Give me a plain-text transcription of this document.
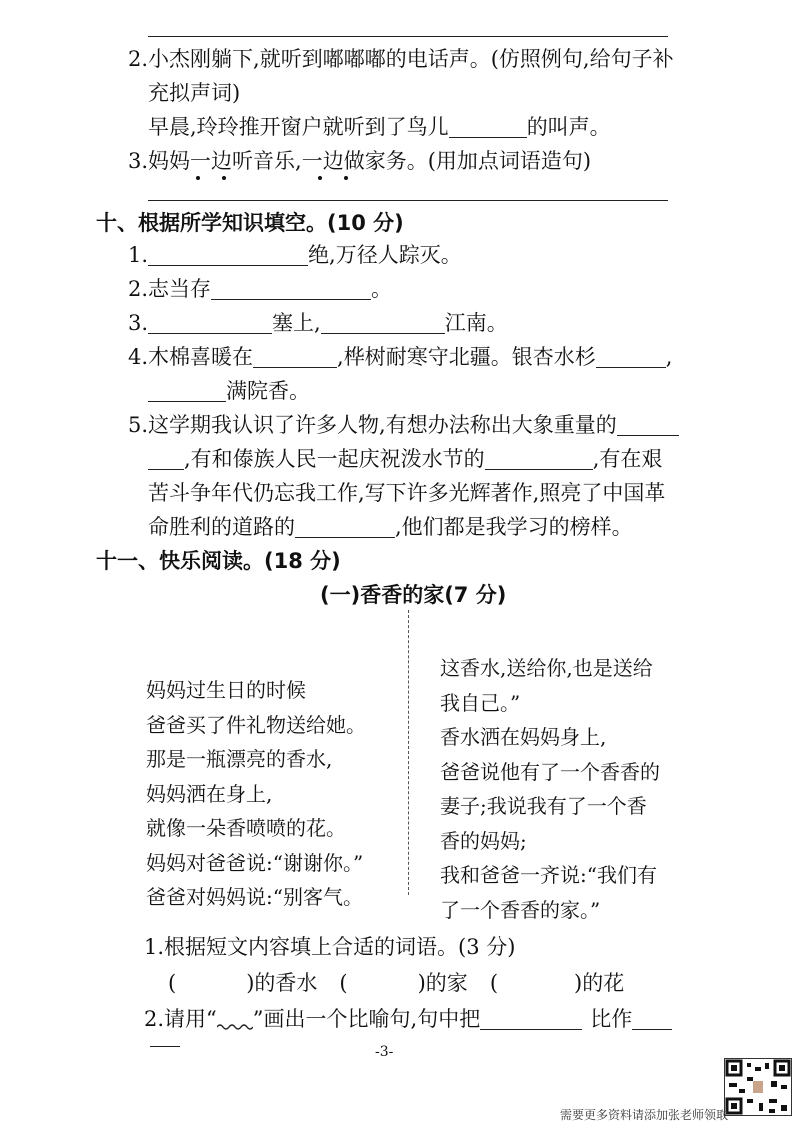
2.小杰刚躺下,就听到嘟嘟嘟的电话声。(仿照例句,给句子补
充拟声词)
早晨,玲玲推开窗户就听到了鸟儿	的叫声。
3.妈妈一边听音乐,一边做家务。(用加点词语造句)
十、根据所学知识填空。(10 分)
1.	绝,万径人踪灭。
2.志当存	。
3.	塞上,	江南。
4.木棉喜暖在	,桦树耐寒守北疆。银杏水杉	,
满院香。
5.这学期我认识了许多人物,有想办法称出大象重量的
,有和傣族人民一起庆祝泼水节的	,有在艰
苦斗争年代仍忘我工作,写下许多光辉著作,照亮了中国革
命胜利的道路的	,他们都是我学习的榜样。
十一、快乐阅读。(18 分)
(一)香香的家(7 分)
妈妈过生日的时候
爸爸买了件礼物送给她。
那是一瓶漂亮的香水,
妈妈洒在身上,
就像一朵香喷喷的花。
妈妈对爸爸说:“谢谢你。”
爸爸对妈妈说:“别客气。
这香水,送给你,也是送给
我自己。”
香水洒在妈妈身上,
爸爸说他有了一个香香的
妻子;我说我有了一个香
香的妈妈;
我和爸爸一齐说:“我们有
了一个香香的家。”
1.根据短文内容填上合适的词语。(3 分)
(	)的香水 (	)的家 (	)的花
2.请用“ ”画出一个比喻句,句中把	比作
-3-
需要更多资料请添加张老师领取
